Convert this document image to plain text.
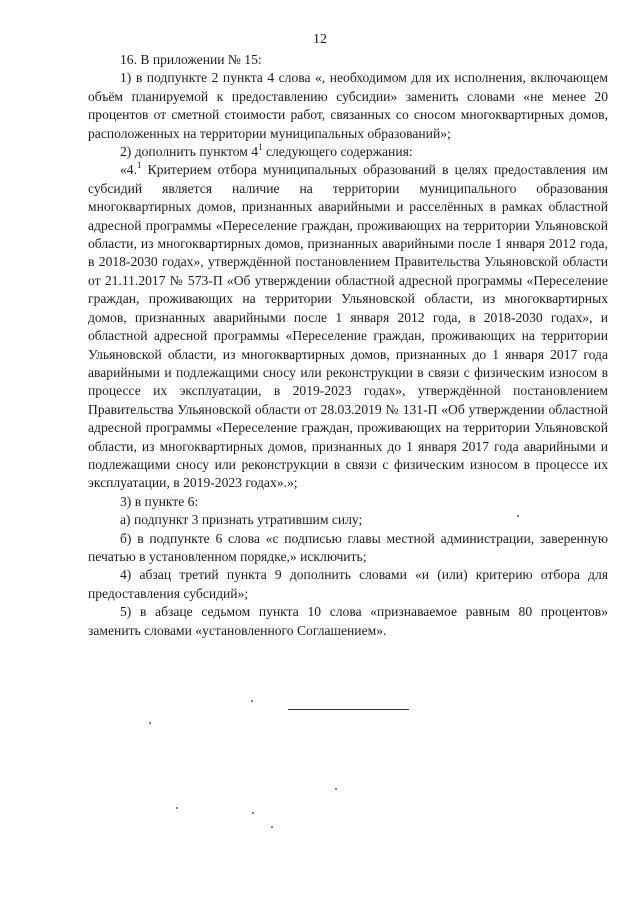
12

16. В приложении № 15:

1) в подпункте 2 пункта 4 слова «, необходимом для их исполнения, включающем объём планируемой к предоставлению субсидии» заменить словами «не менее 20 процентов от сметной стоимости работ, связанных со сносом многоквартирных домов, расположенных на территории муниципальных образований»;

2) дополнить пунктом $4^1$ следующего содержания:

«4.$^1$ Критерием отбора муниципальных образований в целях предоставления им субсидий является наличие на территории муниципального образования многоквартирных домов, признанных аварийными и расселённых в рамках областной адресной программы «Переселение граждан, проживающих на территории Ульяновской области, из многоквартирных домов, признанных аварийными после 1 января 2012 года, в 2018-2030 годах», утверждённой постановлением Правительства Ульяновской области от 21.11.2017 № 573-П «Об утверждении областной адресной программы «Переселение граждан, проживающих на территории Ульяновской области, из многоквартирных домов, признанных аварийными после 1 января 2012 года, в 2018-2030 годах», и областной адресной программы «Переселение граждан, проживающих на территории Ульяновской области, из многоквартирных домов, признанных до 1 января 2017 года аварийными и подлежащими сносу или реконструкции в связи с физическим износом в процессе их эксплуатации, в 2019-2023 годах», утверждённой постановлением Правительства Ульяновской области от 28.03.2019 № 131-П «Об утверждении областной адресной программы «Переселение граждан, проживающих на территории Ульяновской области, из многоквартирных домов, признанных до 1 января 2017 года аварийными и подлежащими сносу или реконструкции в связи с физическим износом в процессе их эксплуатации, в 2019-2023 годах».»;

3) в пункте 6:

а) подпункт 3 признать утратившим силу;

б) в подпункте 6 слова «с подписью главы местной администрации, заверенную печатью в установленном порядке,» исключить;

4) абзац третий пункта 9 дополнить словами «и (или) критерию отбора для предоставления субсидий»;

5) в абзаце седьмом пункта 10 слова «признаваемое равным 80 процентов» заменить словами «установленного Соглашением».
